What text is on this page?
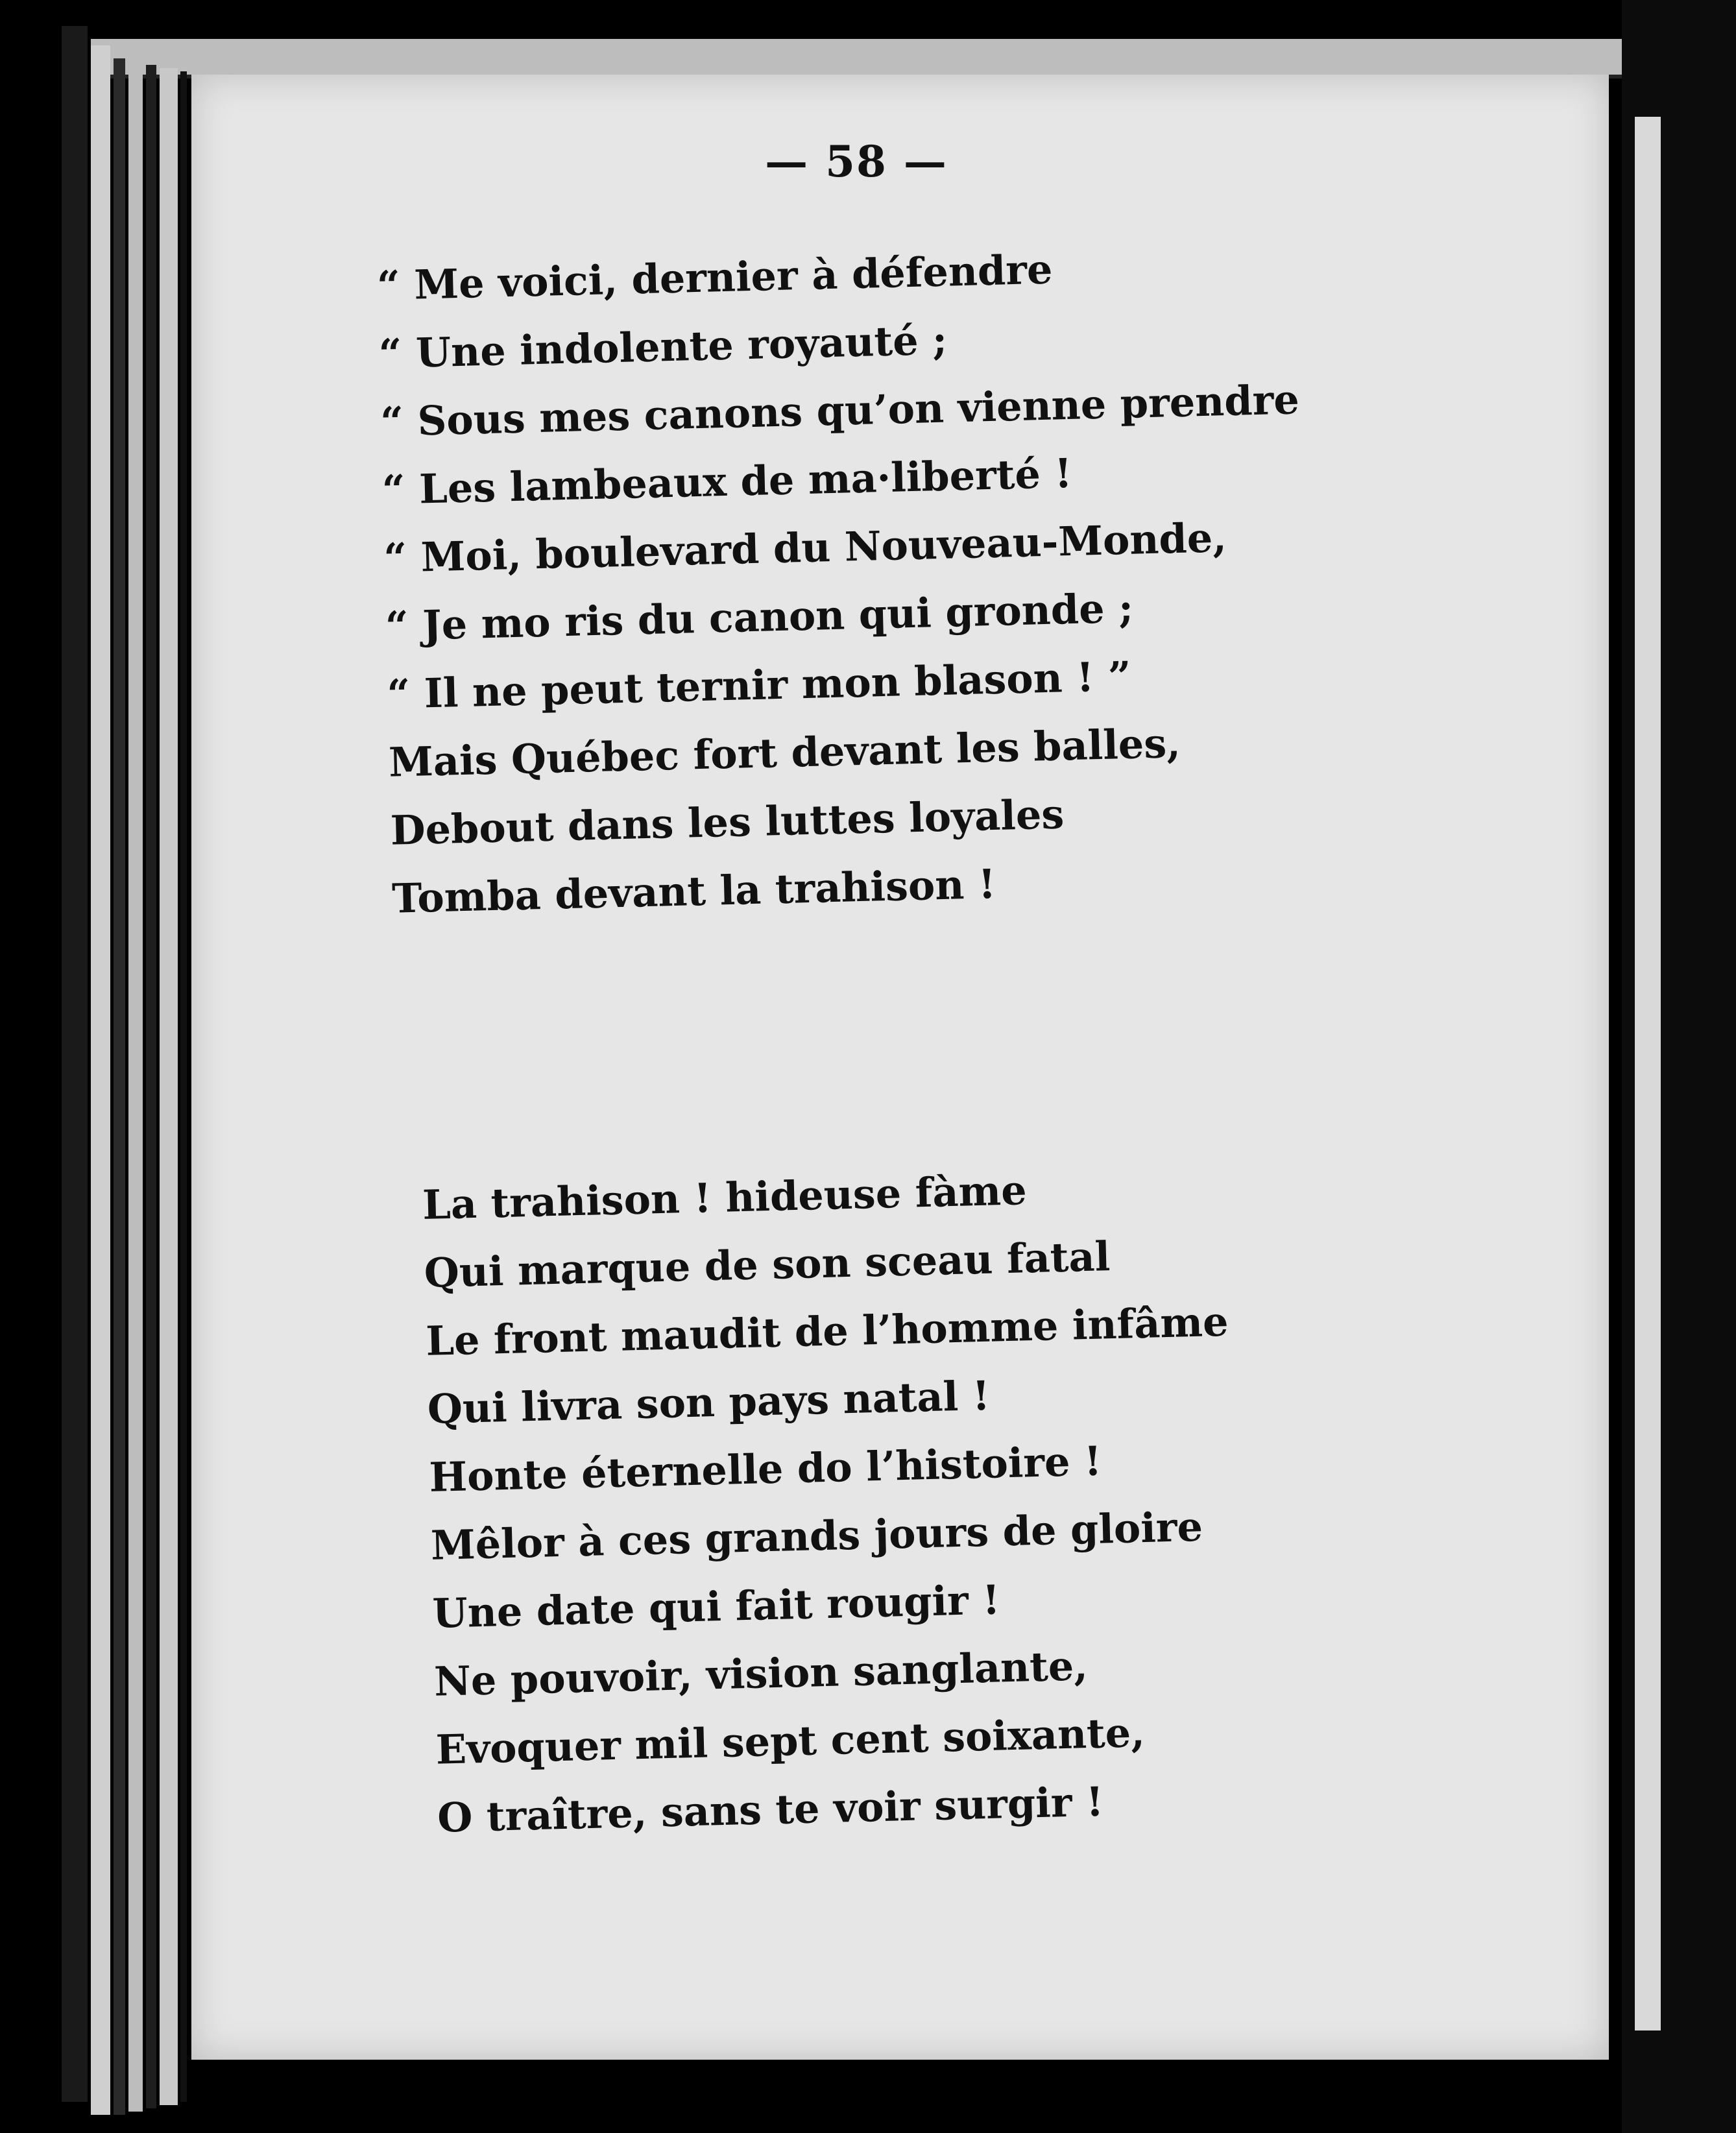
— 58 —
“ Me voici, dernier à défendre
“ Une indolente royauté ;
“ Sous mes canons qu’on vienne prendre
“ Les lambeaux de ma·liberté !
“ Moi, boulevard du Nouveau-Monde,
“ Je mo ris du canon qui gronde ;
“ Il ne peut ternir mon blason ! ”
Mais Québec fort devant les balles,
Debout dans les luttes loyales
Tomba devant la trahison !
La trahison ! hideuse fàme
Qui marque de son sceau fatal
Le front maudit de l’homme infâme
Qui livra son pays natal !
Honte éternelle do l’histoire !
Mêlor à ces grands jours de gloire
Une date qui fait rougir !
Ne pouvoir, vision sanglante,
Evoquer mil sept cent soixante,
O traître, sans te voir surgir !
